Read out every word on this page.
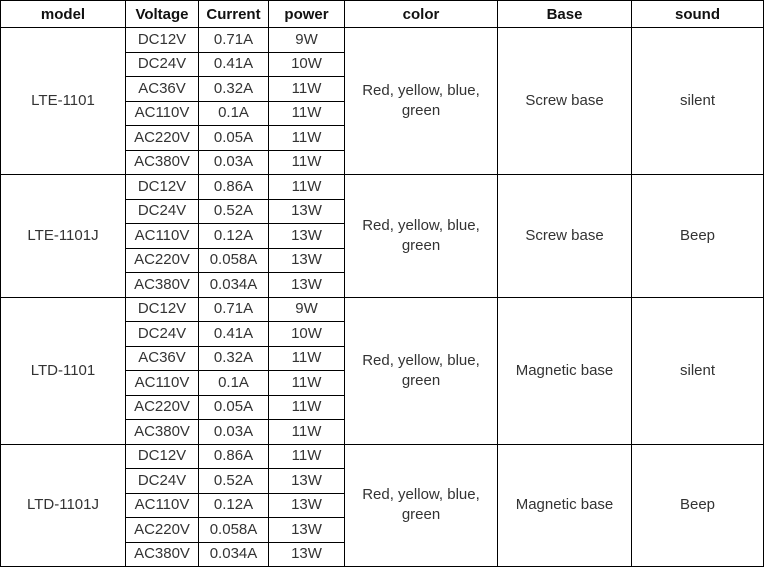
model	Voltage	Current	power	color	Base	sound
LTE-1101	DC12V	0.71A	9W	Red, yellow, blue, green	Screw base	silent
	DC24V	0.41A	10W			
	AC36V	0.32A	11W			
	AC110V	0.1A	11W			
	AC220V	0.05A	11W			
	AC380V	0.03A	11W			
LTE-1101J	DC12V	0.86A	11W	Red, yellow, blue, green	Screw base	Beep
	DC24V	0.52A	13W			
	AC110V	0.12A	13W			
	AC220V	0.058A	13W			
	AC380V	0.034A	13W			
LTD-1101	DC12V	0.71A	9W	Red, yellow, blue, green	Magnetic base	silent
	DC24V	0.41A	10W			
	AC36V	0.32A	11W			
	AC110V	0.1A	11W			
	AC220V	0.05A	11W			
	AC380V	0.03A	11W			
LTD-1101J	DC12V	0.86A	11W	Red, yellow, blue, green	Magnetic base	Beep
	DC24V	0.52A	13W			
	AC110V	0.12A	13W			
	AC220V	0.058A	13W			
	AC380V	0.034A	13W			
